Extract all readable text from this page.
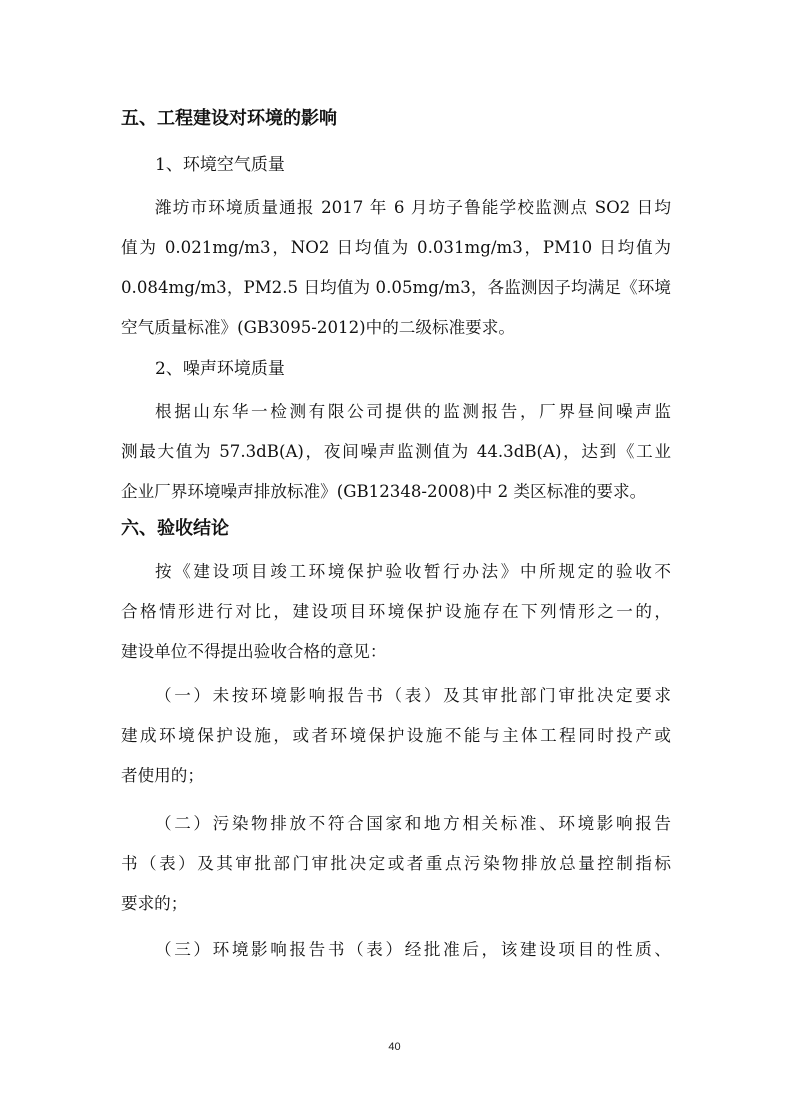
五、工程建设对环境的影响

1、环境空气质量

潍坊市环境质量通报 2017 年 6 月坊子鲁能学校监测点 SO2 日均
值为 0.021mg/m3，NO2 日均值为 0.031mg/m3，PM10 日均值为
0.084mg/m3，PM2.5 日均值为 0.05mg/m3，各监测因子均满足《环境
空气质量标准》(GB3095-2012)中的二级标准要求。

2、噪声环境质量

根据山东华一检测有限公司提供的监测报告，厂界昼间噪声监
测最大值为 57.3dB(A)，夜间噪声监测值为 44.3dB(A)，达到《工业
企业厂界环境噪声排放标准》(GB12348-2008)中 2 类区标准的要求。

六、验收结论

按《建设项目竣工环境保护验收暂行办法》中所规定的验收不
合格情形进行对比，建设项目环境保护设施存在下列情形之一的，
建设单位不得提出验收合格的意见：

（一）未按环境影响报告书（表）及其审批部门审批决定要求
建成环境保护设施，或者环境保护设施不能与主体工程同时投产或
者使用的；

（二）污染物排放不符合国家和地方相关标准、环境影响报告
书（表）及其审批部门审批决定或者重点污染物排放总量控制指标
要求的；

（三）环境影响报告书（表）经批准后，该建设项目的性质、

40
